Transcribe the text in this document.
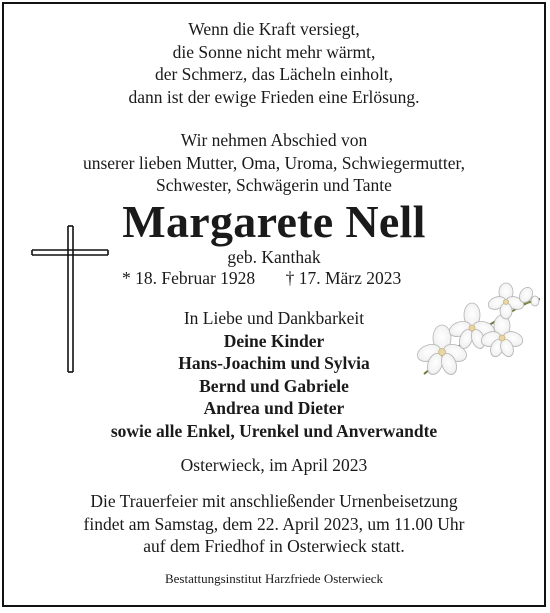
Wenn die Kraft versiegt,
die Sonne nicht mehr wärmt,
der Schmerz, das Lächeln einholt,
dann ist der ewige Frieden eine Erlösung.
Wir nehmen Abschied von
unserer lieben Mutter, Oma, Uroma, Schwiegermutter,
Schwester, Schwägerin und Tante
Margarete Nell
geb. Kanthak
* 18. Februar 1928 † 17. März 2023
In Liebe und Dankbarkeit
Deine Kinder
Hans-Joachim und Sylvia
Bernd und Gabriele
Andrea und Dieter
sowie alle Enkel, Urenkel und Anverwandte
Osterwieck, im April 2023
Die Trauerfeier mit anschließender Urnenbeisetzung
findet am Samstag, dem 22. April 2023, um 11.00 Uhr
auf dem Friedhof in Osterwieck statt.
Bestattungsinstitut Harzfriede Osterwieck
